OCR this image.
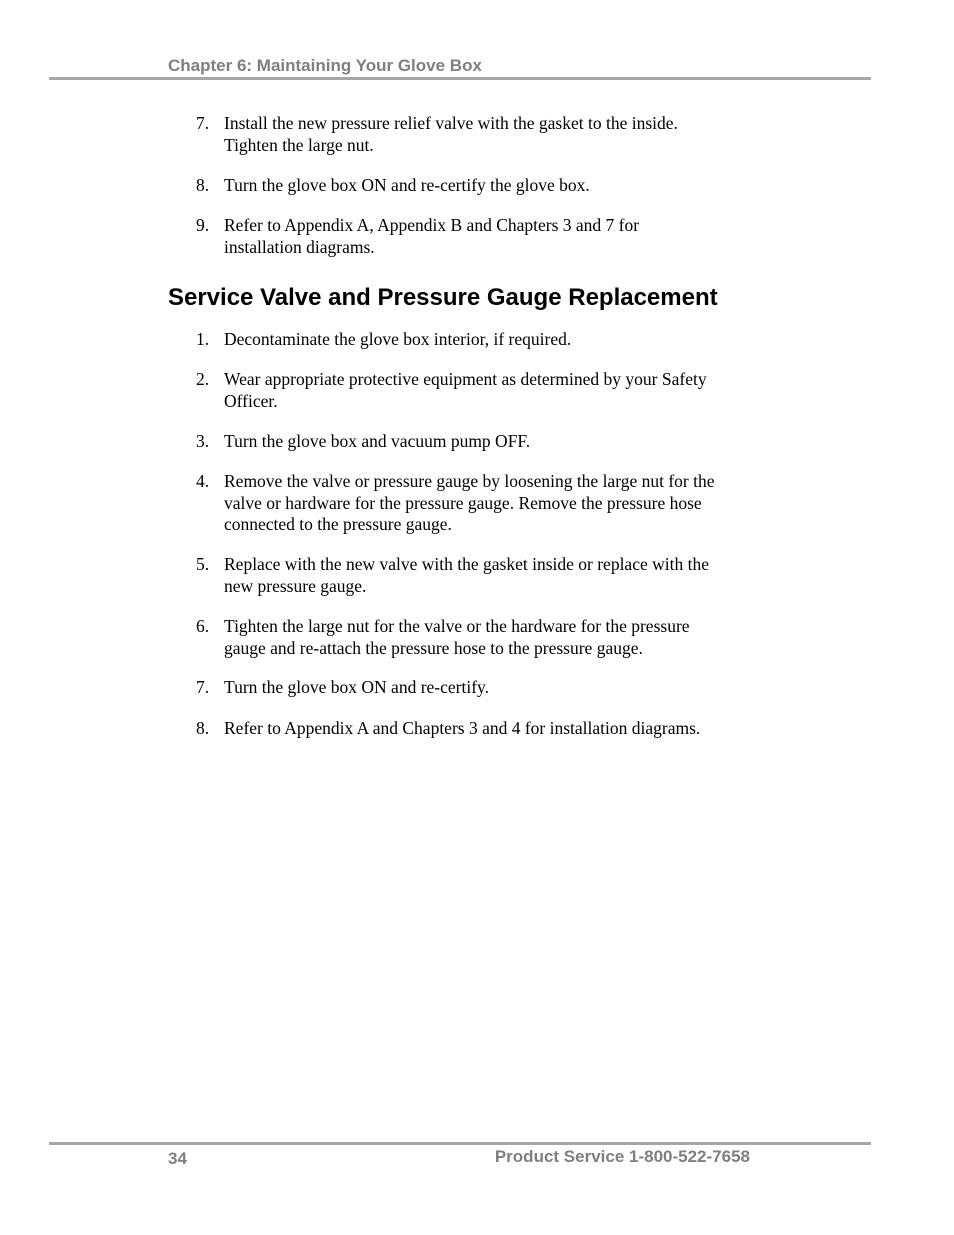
Chapter 6: Maintaining Your Glove Box
7. Install the new pressure relief valve with the gasket to the inside.
Tighten the large nut.
8. Turn the glove box ON and re-certify the glove box.
9. Refer to Appendix A, Appendix B and Chapters 3 and 7 for
installation diagrams.
Service Valve and Pressure Gauge Replacement
1. Decontaminate the glove box interior, if required.
2. Wear appropriate protective equipment as determined by your Safety
Officer.
3. Turn the glove box and vacuum pump OFF.
4. Remove the valve or pressure gauge by loosening the large nut for the
valve or hardware for the pressure gauge. Remove the pressure hose
connected to the pressure gauge.
5. Replace with the new valve with the gasket inside or replace with the
new pressure gauge.
6. Tighten the large nut for the valve or the hardware for the pressure
gauge and re-attach the pressure hose to the pressure gauge.
7. Turn the glove box ON and re-certify.
8. Refer to Appendix A and Chapters 3 and 4 for installation diagrams.
34	Product Service 1-800-522-7658
